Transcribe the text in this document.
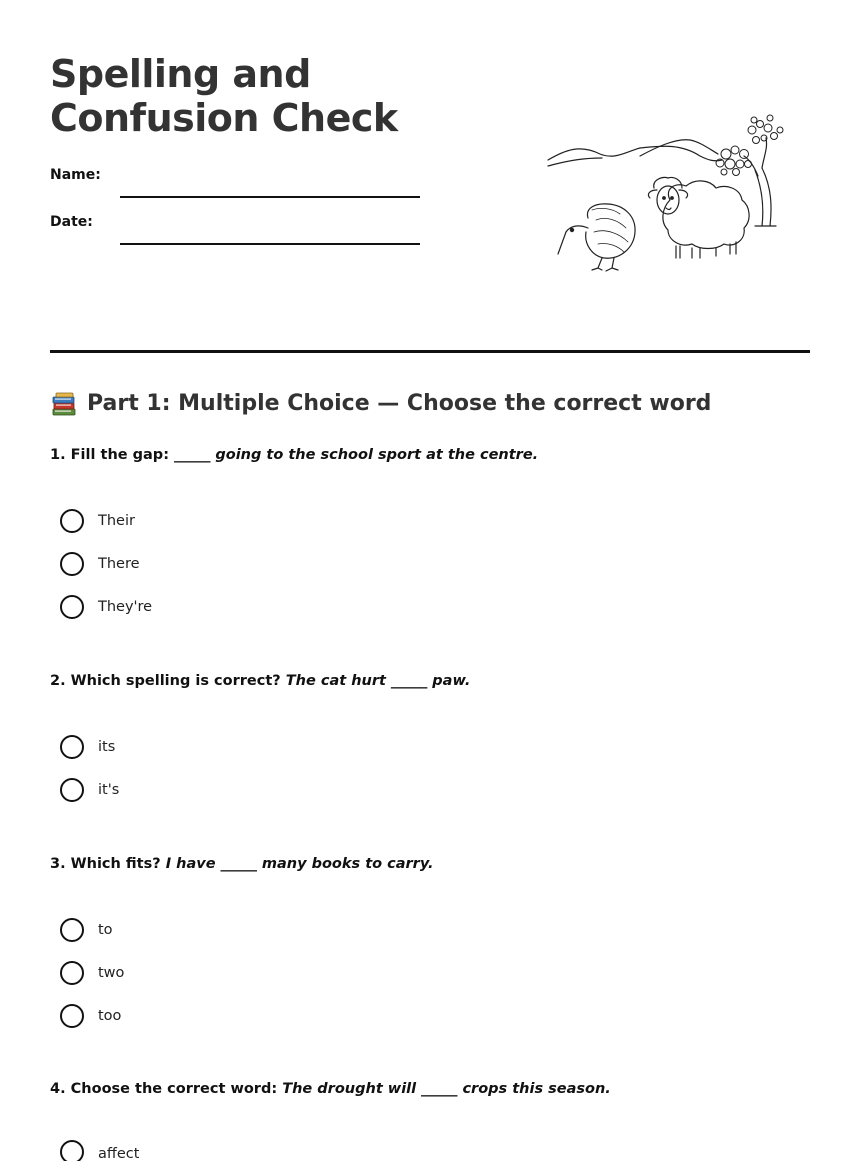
Spelling and Confusion Check
Name:
Date:
Part 1: Multiple Choice — Choose the correct word
1. Fill the gap: _____ going to the school sport at the centre.
Their
There
They're
2. Which spelling is correct? The cat hurt _____ paw.
its
it's
3. Which fits? I have _____ many books to carry.
to
two
too
4. Choose the correct word: The drought will _____ crops this season.
affect
